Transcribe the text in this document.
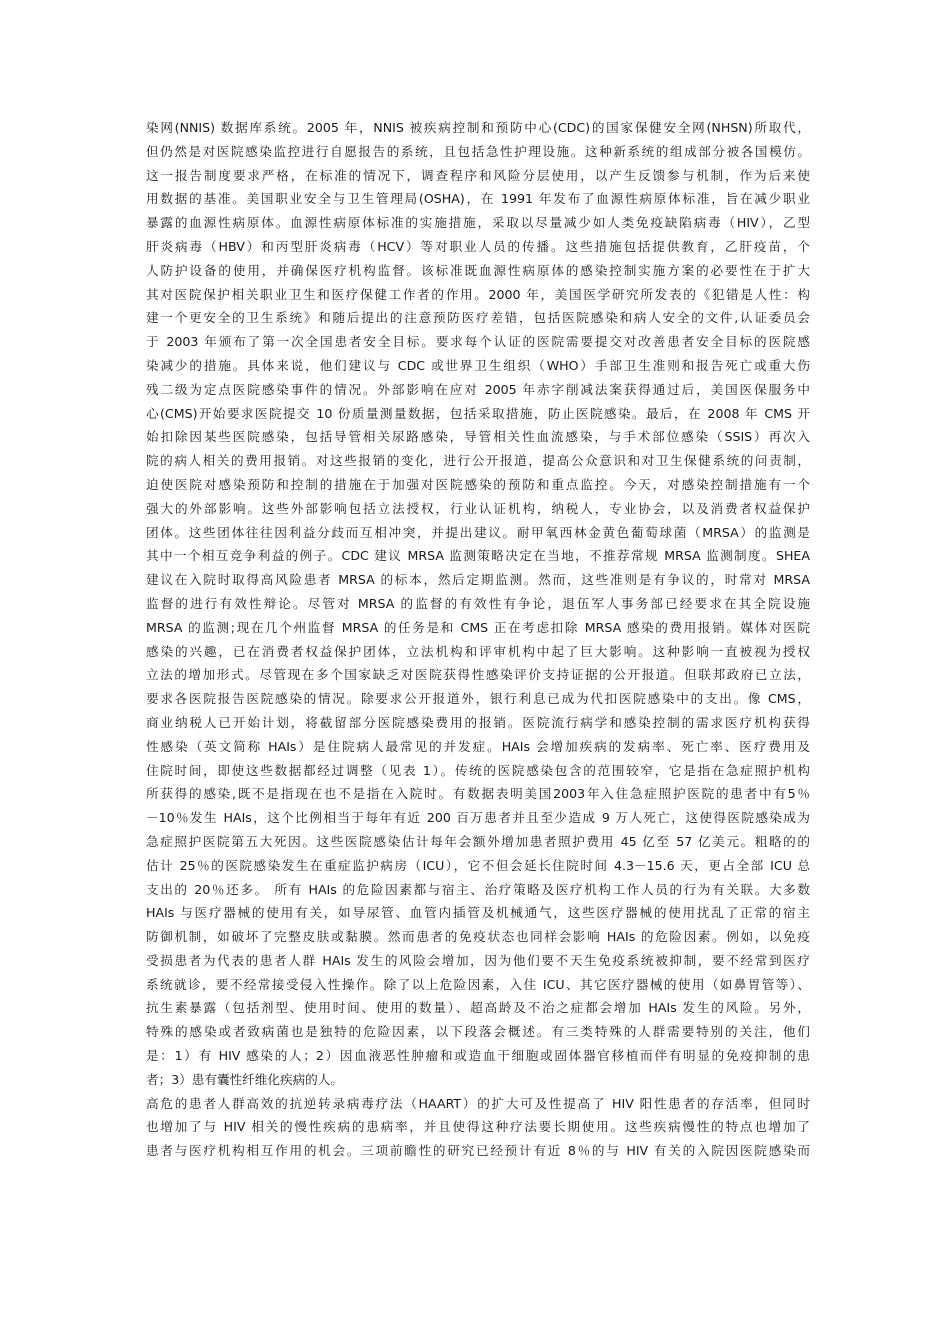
染网(NNIS) 数据库系统。2005 年，NNIS 被疾病控制和预防中心(CDC)的国家保健安全网(NHSN)所取代，
但仍然是对医院感染监控进行自愿报告的系统，且包括急性护理设施。这种新系统的组成部分被各国模仿。
这一报告制度要求严格，在标准的情况下，调查程序和风险分层使用，以产生反馈参与机制，作为后来使
用数据的基准。美国职业安全与卫生管理局(OSHA)，在 1991 年发布了血源性病原体标准，旨在减少职业
暴露的血源性病原体。血源性病原体标准的实施措施，采取以尽量减少如人类免疫缺陷病毒（HIV），乙型
肝炎病毒（HBV）和丙型肝炎病毒（HCV）等对职业人员的传播。这些措施包括提供教育，乙肝疫苗，个
人防护设备的使用，并确保医疗机构监督。该标准既血源性病原体的感染控制实施方案的必要性在于扩大
其对医院保护相关职业卫生和医疗保健工作者的作用。2000 年，美国医学研究所发表的《犯错是人性：构
建一个更安全的卫生系统》和随后提出的注意预防医疗差错，包括医院感染和病人安全的文件,认证委员会
于 2003 年颁布了第一次全国患者安全目标。要求每个认证的医院需要提交对改善患者安全目标的医院感
染减少的措施。具体来说，他们建议与 CDC 或世界卫生组织（WHO）手部卫生准则和报告死亡或重大伤
残二级为定点医院感染事件的情况。外部影响在应对 2005 年赤字削减法案获得通过后，美国医保服务中
心(CMS)开始要求医院提交 10 份质量测量数据，包括采取措施，防止医院感染。最后，在 2008 年 CMS 开
始扣除因某些医院感染，包括导管相关尿路感染，导管相关性血流感染，与手术部位感染（SSIS）再次入
院的病人相关的费用报销。对这些报销的变化，进行公开报道，提高公众意识和对卫生保健系统的问责制，
迫使医院对感染预防和控制的措施在于加强对医院感染的预防和重点监控。今天，对感染控制措施有一个
强大的外部影响。这些外部影响包括立法授权，行业认证机构，纳税人，专业协会，以及消费者权益保护
团体。这些团体往往因利益分歧而互相冲突，并提出建议。耐甲氧西林金黄色葡萄球菌（MRSA）的监测是
其中一个相互竞争利益的例子。CDC 建议 MRSA 监测策略决定在当地，不推荐常规 MRSA 监测制度。SHEA
建议在入院时取得高风险患者 MRSA 的标本，然后定期监测。然而，这些准则是有争议的，时常对 MRSA
监督的进行有效性辩论。尽管对 MRSA 的监督的有效性有争论，退伍军人事务部已经要求在其全院设施
MRSA 的监测;现在几个州监督 MRSA 的任务是和 CMS 正在考虑扣除 MRSA 感染的费用报销。媒体对医院
感染的兴趣，已在消费者权益保护团体，立法机构和评审机构中起了巨大影响。这种影响一直被视为授权
立法的增加形式。尽管现在多个国家缺乏对医院获得性感染评价支持证据的公开报道。但联邦政府已立法，
要求各医院报告医院感染的情况。除要求公开报道外，银行利息已成为代扣医院感染中的支出。像 CMS，
商业纳税人已开始计划，将截留部分医院感染费用的报销。医院流行病学和感染控制的需求医疗机构获得
性感染（英文简称 HAIs）是住院病人最常见的并发症。HAIs 会增加疾病的发病率、死亡率、医疗费用及
住院时间，即使这些数据都经过调整（见表 1）。传统的医院感染包含的范围较窄，它是指在急症照护机构
所获得的感染,既不是指现在也不是指在入院时。有数据表明美国2003年入住急症照护医院的患者中有5％
－10％发生 HAIs，这个比例相当于每年有近 200 百万患者并且至少造成 9 万人死亡，这使得医院感染成为
急症照护医院第五大死因。这些医院感染估计每年会额外增加患者照护费用 45 亿至 57 亿美元。粗略的的
估计 25％的医院感染发生在重症监护病房（ICU），它不但会延长住院时间 4.3－15.6 天，更占全部 ICU 总
支出的 20％还多。 所有 HAIs 的危险因素都与宿主、治疗策略及医疗机构工作人员的行为有关联。大多数
HAIs 与医疗器械的使用有关，如导尿管、血管内插管及机械通气，这些医疗器械的使用扰乱了正常的宿主
防御机制，如破坏了完整皮肤或黏膜。然而患者的免疫状态也同样会影响 HAIs 的危险因素。例如，以免疫
受损患者为代表的患者人群 HAIs 发生的风险会增加，因为他们要不天生免疫系统被抑制，要不经常到医疗
系统就诊，要不经常接受侵入性操作。除了以上危险因素，入住 ICU、其它医疗器械的使用（如鼻胃管等）、
抗生素暴露（包括剂型、使用时间、使用的数量）、超高龄及不治之症都会增加 HAIs 发生的风险。另外，
特殊的感染或者致病菌也是独特的危险因素，以下段落会概述。有三类特殊的人群需要特别的关注，他们
是：1）有 HIV 感染的人；2）因血液恶性肿瘤和或造血干细胞或固体器官移植而伴有明显的免疫抑制的患
者；3）患有囊性纤维化疾病的人。
高危的患者人群高效的抗逆转录病毒疗法（HAART）的扩大可及性提高了 HIV 阳性患者的存活率，但同时
也增加了与 HIV 相关的慢性疾病的患病率，并且使得这种疗法要长期使用。这些疾病慢性的特点也增加了
患者与医疗机构相互作用的机会。三项前瞻性的研究已经预计有近 8％的与 HIV 有关的入院因医院感染而
